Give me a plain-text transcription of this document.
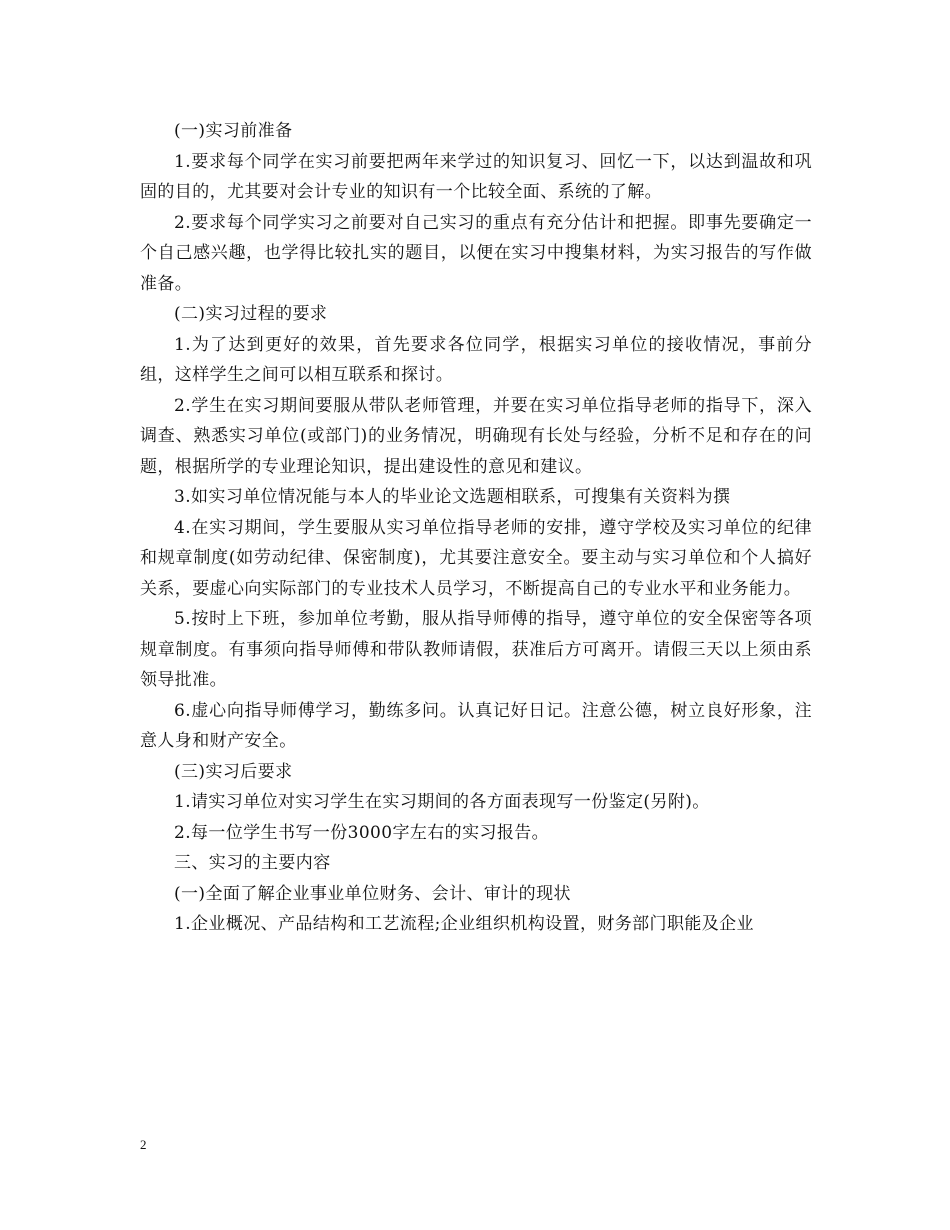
(一)实习前准备

1.要求每个同学在实习前要把两年来学过的知识复习、回忆一下，以达到温故和巩固的目的，尤其要对会计专业的知识有一个比较全面、系统的了解。

2.要求每个同学实习之前要对自己实习的重点有充分估计和把握。即事先要确定一个自己感兴趣，也学得比较扎实的题目，以便在实习中搜集材料，为实习报告的写作做准备。

(二)实习过程的要求

1.为了达到更好的效果，首先要求各位同学，根据实习单位的接收情况，事前分组，这样学生之间可以相互联系和探讨。

2.学生在实习期间要服从带队老师管理，并要在实习单位指导老师的指导下，深入调查、熟悉实习单位(或部门)的业务情况，明确现有长处与经验，分析不足和存在的问题，根据所学的专业理论知识，提出建设性的意见和建议。

3.如实习单位情况能与本人的毕业论文选题相联系，可搜集有关资料为撰

4.在实习期间，学生要服从实习单位指导老师的安排，遵守学校及实习单位的纪律和规章制度(如劳动纪律、保密制度)，尤其要注意安全。要主动与实习单位和个人搞好关系，要虚心向实际部门的专业技术人员学习，不断提高自己的专业水平和业务能力。

5.按时上下班，参加单位考勤，服从指导师傅的指导，遵守单位的安全保密等各项规章制度。有事须向指导师傅和带队教师请假，获准后方可离开。请假三天以上须由系领导批准。

6.虚心向指导师傅学习，勤练多问。认真记好日记。注意公德，树立良好形象，注意人身和财产安全。

(三)实习后要求

1.请实习单位对实习学生在实习期间的各方面表现写一份鉴定(另附)。

2.每一位学生书写一份3000字左右的实习报告。

三、实习的主要内容

(一)全面了解企业事业单位财务、会计、审计的现状

1.企业概况、产品结构和工艺流程;企业组织机构设置，财务部门职能及企业

2
